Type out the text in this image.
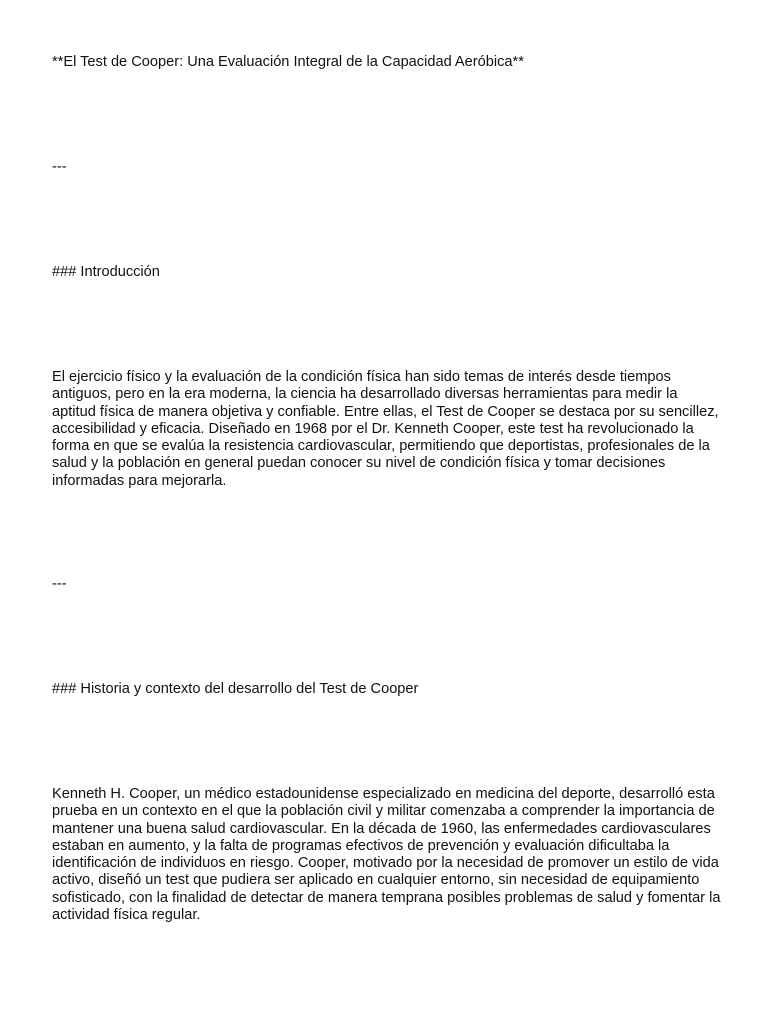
**El Test de Cooper: Una Evaluación Integral de la Capacidad Aeróbica**

---

### Introducción

El ejercicio físico y la evaluación de la condición física han sido temas de interés desde tiempos antiguos, pero en la era moderna, la ciencia ha desarrollado diversas herramientas para medir la aptitud física de manera objetiva y confiable. Entre ellas, el Test de Cooper se destaca por su sencillez, accesibilidad y eficacia. Diseñado en 1968 por el Dr. Kenneth Cooper, este test ha revolucionado la forma en que se evalúa la resistencia cardiovascular, permitiendo que deportistas, profesionales de la salud y la población en general puedan conocer su nivel de condición física y tomar decisiones informadas para mejorarla.

---

### Historia y contexto del desarrollo del Test de Cooper

Kenneth H. Cooper, un médico estadounidense especializado en medicina del deporte, desarrolló esta prueba en un contexto en el que la población civil y militar comenzaba a comprender la importancia de mantener una buena salud cardiovascular. En la década de 1960, las enfermedades cardiovasculares estaban en aumento, y la falta de programas efectivos de prevención y evaluación dificultaba la identificación de individuos en riesgo. Cooper, motivado por la necesidad de promover un estilo de vida activo, diseñó un test que pudiera ser aplicado en cualquier entorno, sin necesidad de equipamiento sofisticado, con la finalidad de detectar de manera temprana posibles problemas de salud y fomentar la actividad física regular.
